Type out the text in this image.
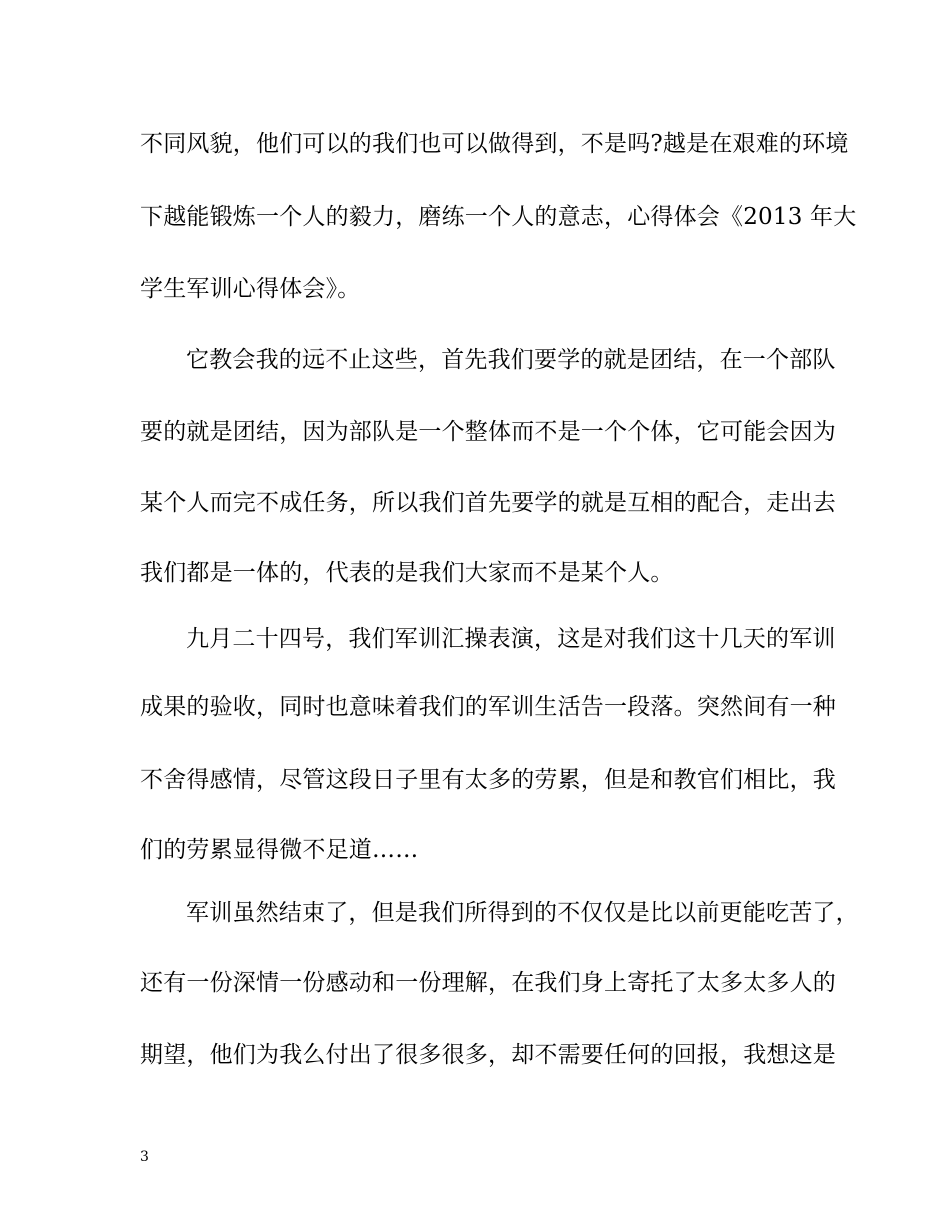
不同风貌，他们可以的我们也可以做得到，不是吗?越是在艰难的环境
下越能锻炼一个人的毅力，磨练一个人的意志，心得体会《2013 年大
学生军训心得体会》。
它教会我的远不止这些，首先我们要学的就是团结，在一个部队
要的就是团结，因为部队是一个整体而不是一个个体，它可能会因为
某个人而完不成任务，所以我们首先要学的就是互相的配合，走出去
我们都是一体的，代表的是我们大家而不是某个人。
九月二十四号，我们军训汇操表演，这是对我们这十几天的军训
成果的验收，同时也意味着我们的军训生活告一段落。突然间有一种
不舍得感情，尽管这段日子里有太多的劳累，但是和教官们相比，我
们的劳累显得微不足道……
军训虽然结束了，但是我们所得到的不仅仅是比以前更能吃苦了，
还有一份深情一份感动和一份理解，在我们身上寄托了太多太多人的
期望，他们为我么付出了很多很多，却不需要任何的回报，我想这是
3
